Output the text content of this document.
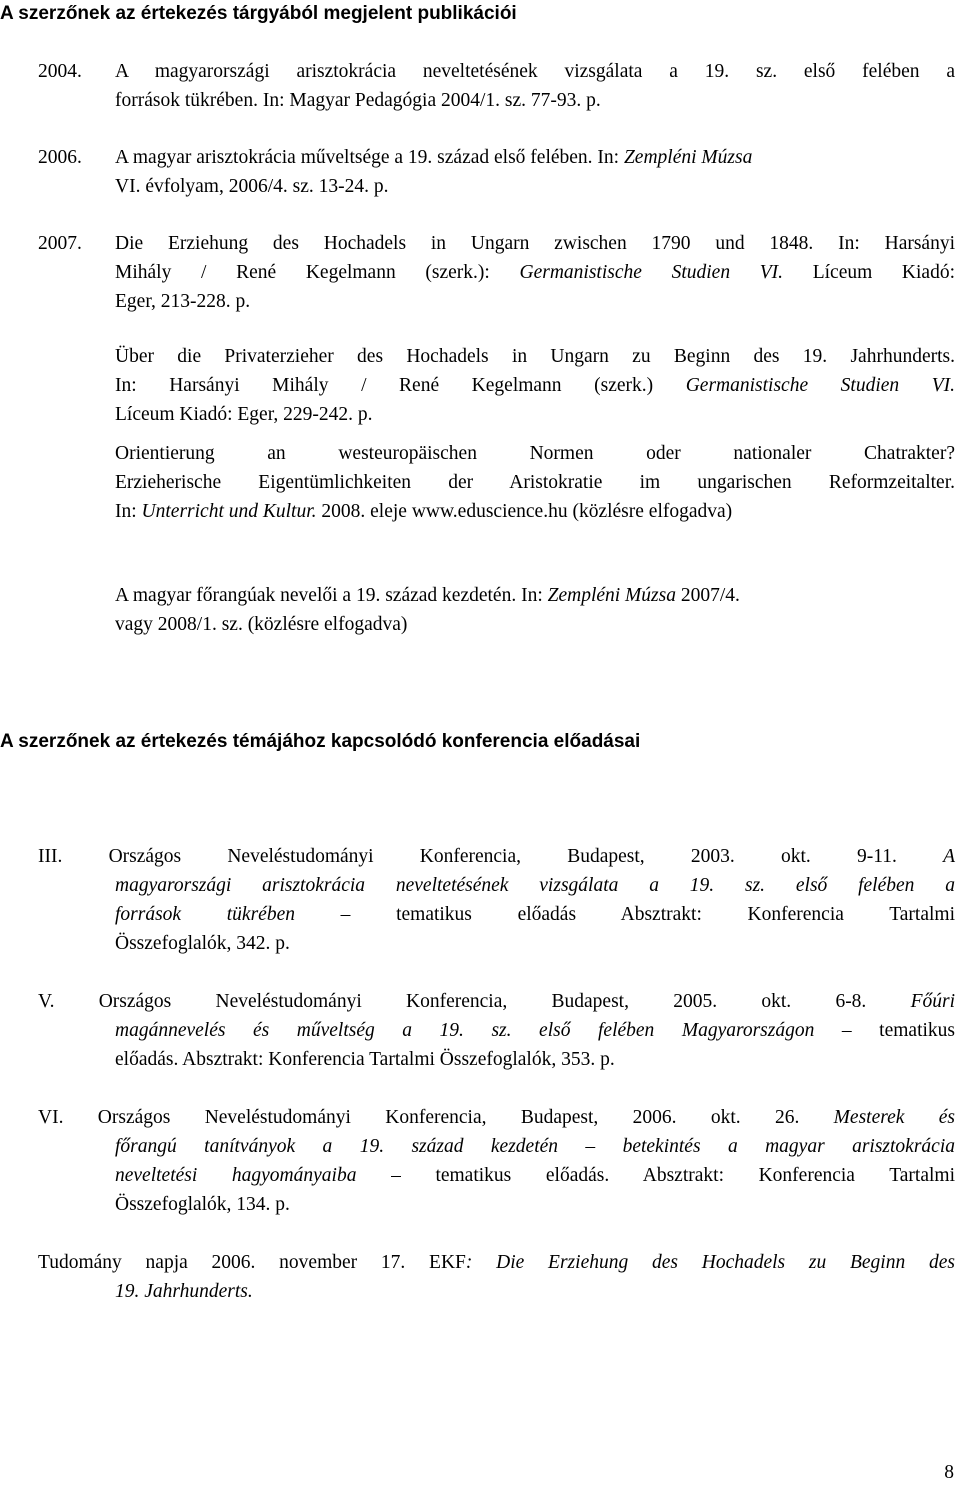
A szerzőnek az értekezés tárgyából megjelent publikációi
2004.	A magyarországi arisztokrácia neveltetésének vizsgálata a 19. sz. első felében a
források tükrében. In: Magyar Pedagógia 2004/1. sz. 77-93. p.
2006.	A magyar arisztokrácia műveltsége a 19. század első felében. In: Zempléni Múzsa
VI. évfolyam, 2006/4. sz. 13-24. p.
2007.	Die Erziehung des Hochadels in Ungarn zwischen 1790 und 1848. In: Harsányi
Mihály / René Kegelmann (szerk.): Germanistische Studien VI. Líceum Kiadó:
Eger, 213-228. p.
Über die Privaterzieher des Hochadels in Ungarn zu Beginn des 19. Jahrhunderts.
In: Harsányi Mihály / René Kegelmann (szerk.) Germanistische Studien VI.
Líceum Kiadó: Eger, 229-242. p.
Orientierung an westeuropäischen Normen oder nationaler Chatrakter?
Erzieherische Eigentümlichkeiten der Aristokratie im ungarischen Reformzeitalter.
In: Unterricht und Kultur. 2008. eleje www.eduscience.hu (közlésre elfogadva)
A magyar főrangúak nevelői a 19. század kezdetén. In: Zempléni Múzsa 2007/4.
vagy 2008/1. sz. (közlésre elfogadva)
A szerzőnek az értekezés témájához kapcsolódó konferencia előadásai
III. Országos Neveléstudományi Konferencia, Budapest, 2003. okt. 9-11. A
magyarországi arisztokrácia neveltetésének vizsgálata a 19. sz. első felében a
források tükrében – tematikus előadás Absztrakt: Konferencia Tartalmi
Összefoglalók, 342. p.
V. Országos Neveléstudományi Konferencia, Budapest, 2005. okt. 6-8. Főúri
magánnevelés és műveltség a 19. sz. első felében Magyarországon – tematikus
előadás. Absztrakt: Konferencia Tartalmi Összefoglalók, 353. p.
VI. Országos Neveléstudományi Konferencia, Budapest, 2006. okt. 26. Mesterek és
főrangú tanítványok a 19. század kezdetén – betekintés a magyar arisztokrácia
neveltetési hagyományaiba – tematikus előadás. Absztrakt: Konferencia Tartalmi
Összefoglalók, 134. p.
Tudomány napja 2006. november 17. EKF: Die Erziehung des Hochadels zu Beginn des
19. Jahrhunderts.
8
